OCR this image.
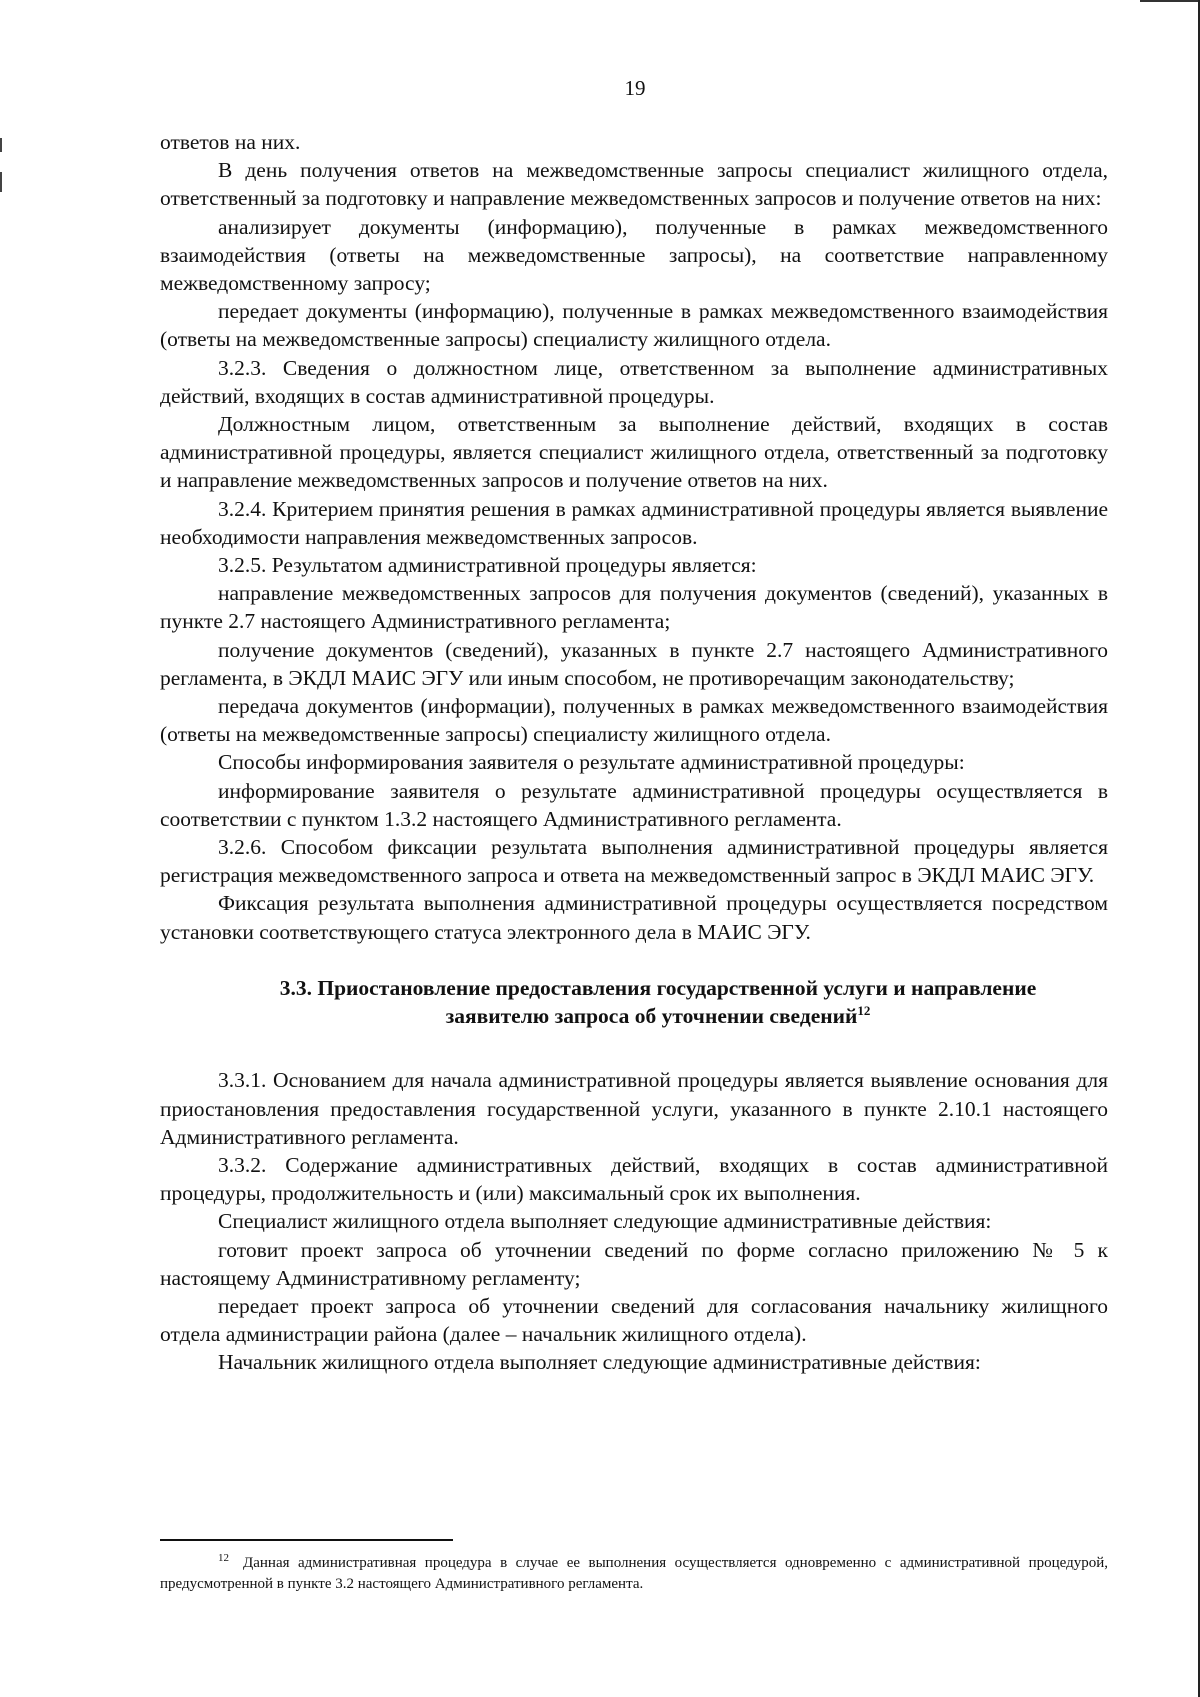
19

ответов на них.

В день получения ответов на межведомственные запросы специалист жилищного отдела, ответственный за подготовку и направление межведомственных запросов и получение ответов на них:

анализирует документы (информацию), полученные в рамках межведомственного взаимодействия (ответы на межведомственные запросы), на соответствие направленному межведомственному запросу;

передает документы (информацию), полученные в рамках межведомственного взаимодействия (ответы на межведомственные запросы) специалисту жилищного отдела.

3.2.3. Сведения о должностном лице, ответственном за выполнение административных действий, входящих в состав административной процедуры.

Должностным лицом, ответственным за выполнение действий, входящих в состав административной процедуры, является специалист жилищного отдела, ответственный за подготовку и направление межведомственных запросов и получение ответов на них.

3.2.4. Критерием принятия решения в рамках административной процедуры является выявление необходимости направления межведомственных запросов.

3.2.5. Результатом административной процедуры является:

направление межведомственных запросов для получения документов (сведений), указанных в пункте 2.7 настоящего Административного регламента;

получение документов (сведений), указанных в пункте 2.7 настоящего Административного регламента, в ЭКДЛ МАИС ЭГУ или иным способом, не противоречащим законодательству;

передача документов (информации), полученных в рамках межведомственного взаимодействия (ответы на межведомственные запросы) специалисту жилищного отдела.

Способы информирования заявителя о результате административной процедуры:

информирование заявителя о результате административной процедуры осуществляется в соответствии с пунктом 1.3.2 настоящего Административного регламента.

3.2.6. Способом фиксации результата выполнения административной процедуры является регистрация межведомственного запроса и ответа на межведомственный запрос в ЭКДЛ МАИС ЭГУ.

Фиксация результата выполнения административной процедуры осуществляется посредством установки соответствующего статуса электронного дела в МАИС ЭГУ.

3.3. Приостановление предоставления государственной услуги и направление
заявителю запроса об уточнении сведений$^{12}$

3.3.1. Основанием для начала административной процедуры является выявление основания для приостановления предоставления государственной услуги, указанного в пункте 2.10.1 настоящего Административного регламента.

3.3.2. Содержание административных действий, входящих в состав административной процедуры, продолжительность и (или) максимальный срок их выполнения.

Специалист жилищного отдела выполняет следующие административные действия:

готовит проект запроса об уточнении сведений по форме согласно приложению № 5 к настоящему Административному регламенту;

передает проект запроса об уточнении сведений для согласования начальнику жилищного отдела администрации района (далее – начальник жилищного отдела).

Начальник жилищного отдела выполняет следующие административные действия:

$^{12}$ Данная административная процедура в случае ее выполнения осуществляется одновременно с административной процедурой, предусмотренной в пункте 3.2 настоящего Административного регламента.
